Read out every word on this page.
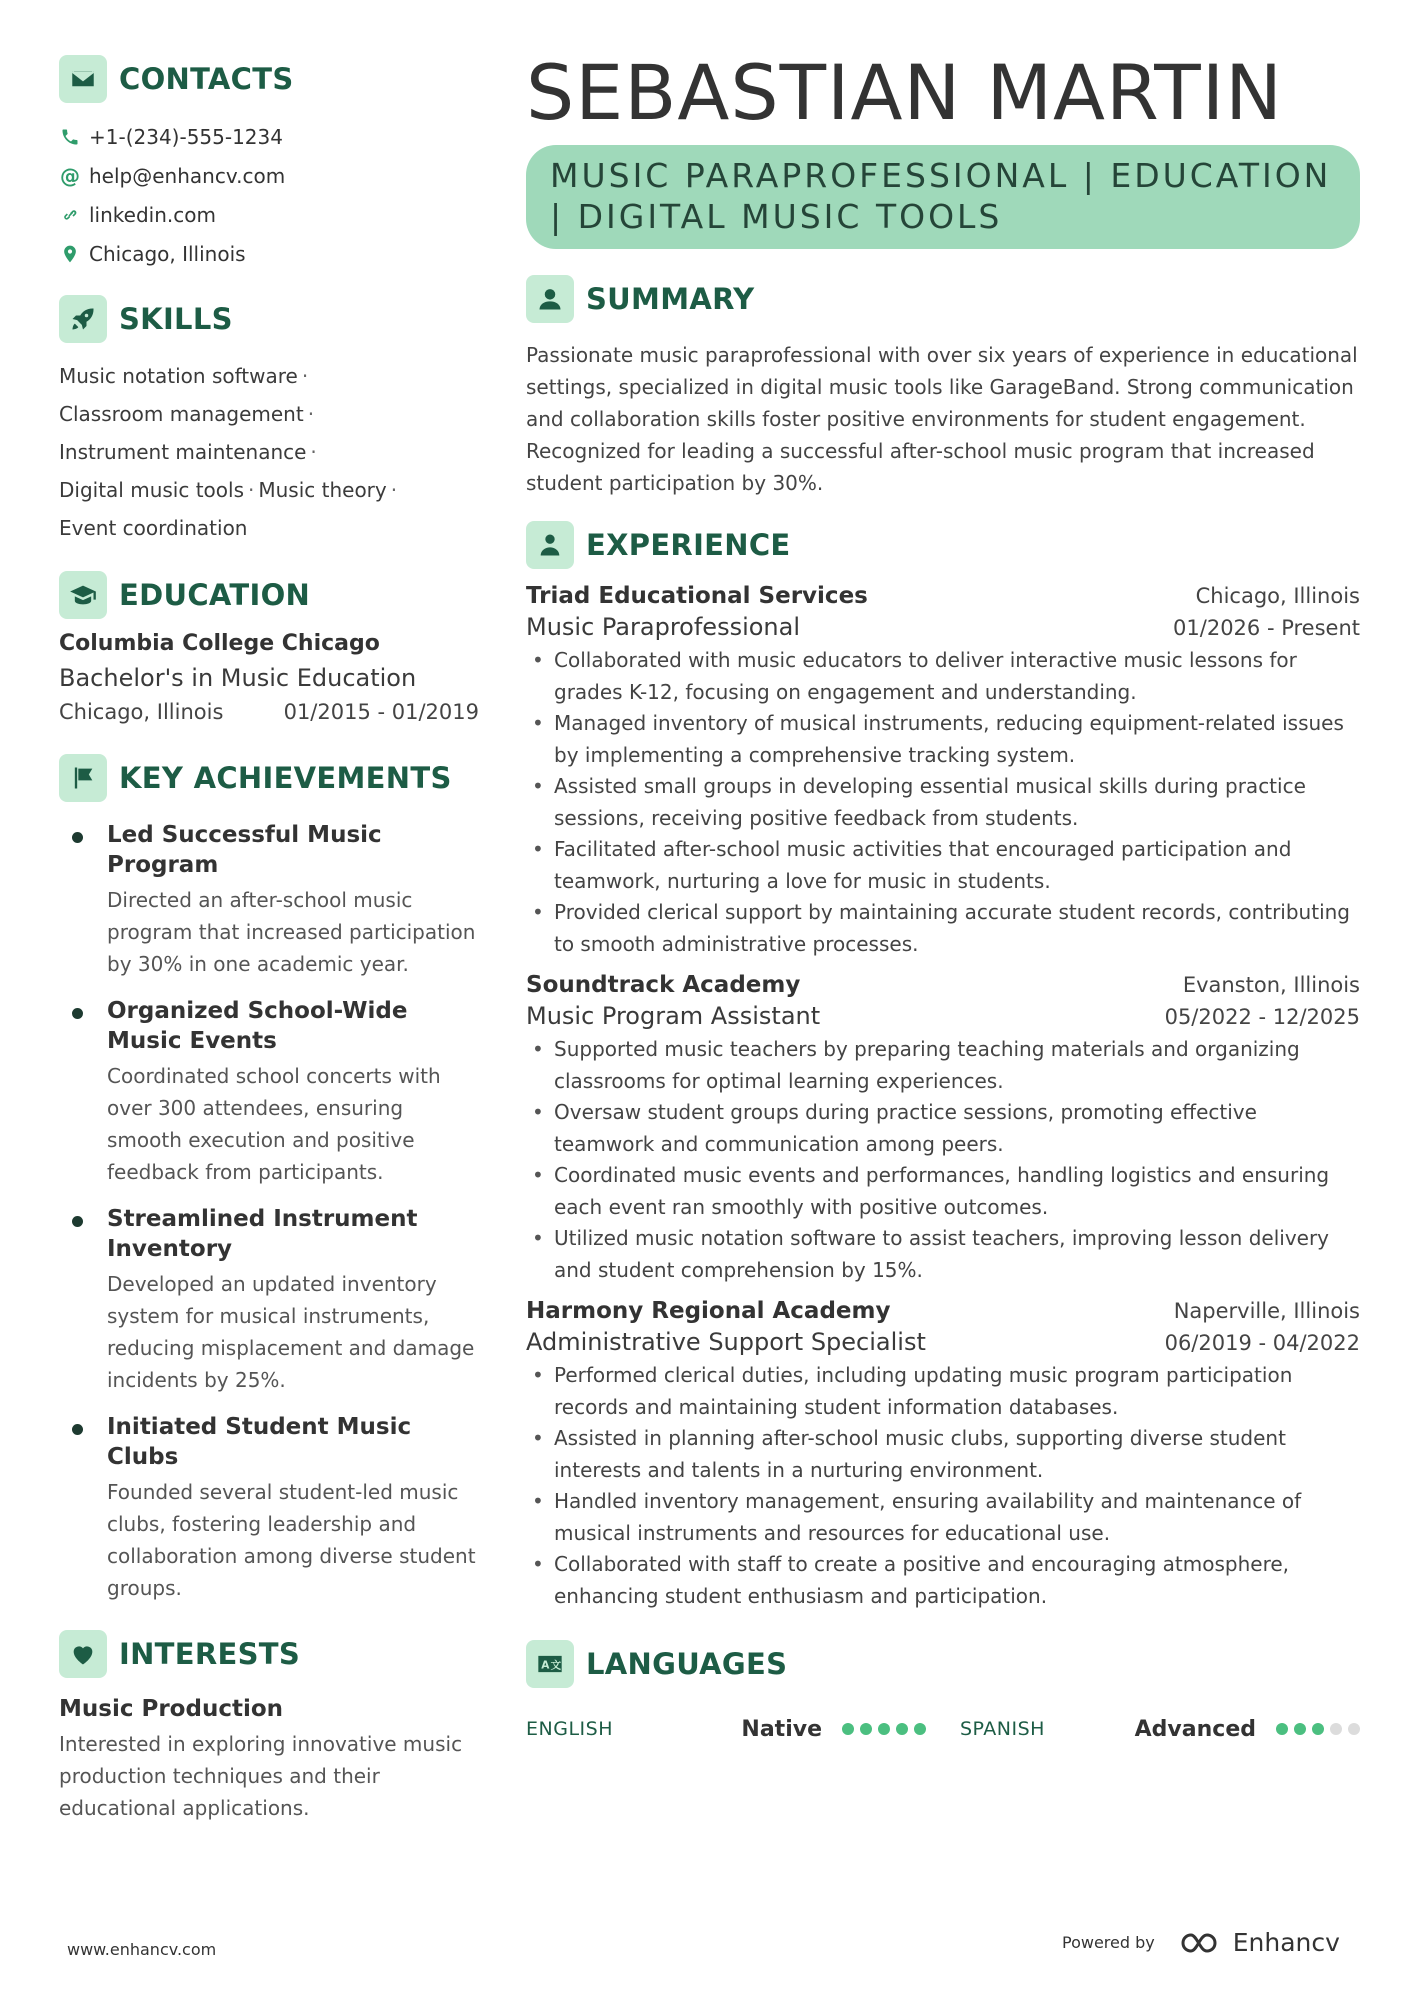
CONTACTS
+1-(234)-555-1234
@ help@enhancv.com
linkedin.com
Chicago, Illinois
SKILLS
Music notation software ·
Classroom management ·
Instrument maintenance ·
Digital music tools · Music theory ·
Event coordination
EDUCATION
Columbia College Chicago
Bachelor's in Music Education
Chicago, Illinois	01/2015 - 01/2019
KEY ACHIEVEMENTS
Led Successful Music Program
Directed an after-school music program that increased participation by 30% in one academic year.
Organized School-Wide Music Events
Coordinated school concerts with over 300 attendees, ensuring smooth execution and positive feedback from participants.
Streamlined Instrument Inventory
Developed an updated inventory system for musical instruments, reducing misplacement and damage incidents by 25%.
Initiated Student Music Clubs
Founded several student-led music clubs, fostering leadership and collaboration among diverse student groups.
INTERESTS
Music Production
Interested in exploring innovative music production techniques and their educational applications.
SEBASTIAN MARTIN
MUSIC PARAPROFESSIONAL | EDUCATION
| DIGITAL MUSIC TOOLS
SUMMARY
Passionate music paraprofessional with over six years of experience in educational settings, specialized in digital music tools like GarageBand. Strong communication and collaboration skills foster positive environments for student engagement. Recognized for leading a successful after-school music program that increased student participation by 30%.
EXPERIENCE
Triad Educational Services	Chicago, Illinois
Music Paraprofessional	01/2026 - Present
• Collaborated with music educators to deliver interactive music lessons for grades K-12, focusing on engagement and understanding.
• Managed inventory of musical instruments, reducing equipment-related issues by implementing a comprehensive tracking system.
• Assisted small groups in developing essential musical skills during practice sessions, receiving positive feedback from students.
• Facilitated after-school music activities that encouraged participation and teamwork, nurturing a love for music in students.
• Provided clerical support by maintaining accurate student records, contributing to smooth administrative processes.
Soundtrack Academy	Evanston, Illinois
Music Program Assistant	05/2022 - 12/2025
• Supported music teachers by preparing teaching materials and organizing classrooms for optimal learning experiences.
• Oversaw student groups during practice sessions, promoting effective teamwork and communication among peers.
• Coordinated music events and performances, handling logistics and ensuring each event ran smoothly with positive outcomes.
• Utilized music notation software to assist teachers, improving lesson delivery and student comprehension by 15%.
Harmony Regional Academy	Naperville, Illinois
Administrative Support Specialist	06/2019 - 04/2022
• Performed clerical duties, including updating music program participation records and maintaining student information databases.
• Assisted in planning after-school music clubs, supporting diverse student interests and talents in a nurturing environment.
• Handled inventory management, ensuring availability and maintenance of musical instruments and resources for educational use.
• Collaborated with staff to create a positive and encouraging atmosphere, enhancing student enthusiasm and participation.
A 文 LANGUAGES
ENGLISH	Native	SPANISH	Advanced
www.enhancv.com	Powered by	Enhancv
